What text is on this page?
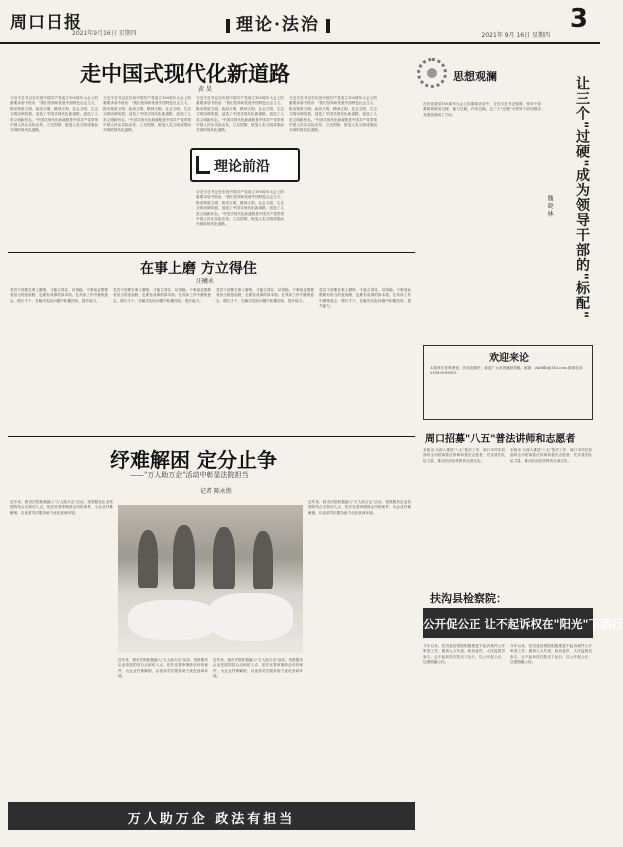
周口日报	理论·法治	3
2021年9月16日 星期四	2021年 9月 16日 星期四
走中国式现代化新道路
黄 昊
习近平总书记在庆祝中国共产党成立100周年大会上的重要讲话中指出："我们坚持和发展中国特色社会主义，推动物质文明、政治文明、精神文明、社会文明、生态文明协调发展，创造了中国式现代化新道路，创造了人类文明新形态。"中国式现代化新道路是中国共产党带领中国人民从实际出发、立足国情、借鉴人类文明成果而开辟的现代化道路。
习近平总书记在庆祝中国共产党成立100周年大会上的重要讲话中指出："我们坚持和发展中国特色社会主义，推动物质文明、政治文明、精神文明、社会文明、生态文明协调发展，创造了中国式现代化新道路，创造了人类文明新形态。"中国式现代化新道路是中国共产党带领中国人民从实际出发、立足国情、借鉴人类文明成果而开辟的现代化道路。
习近平总书记在庆祝中国共产党成立100周年大会上的重要讲话中指出："我们坚持和发展中国特色社会主义，推动物质文明、政治文明、精神文明、社会文明、生态文明协调发展，创造了中国式现代化新道路，创造了人类文明新形态。"中国式现代化新道路是中国共产党带领中国人民从实际出发、立足国情、借鉴人类文明成果而开辟的现代化道路。
习近平总书记在庆祝中国共产党成立100周年大会上的重要讲话中指出："我们坚持和发展中国特色社会主义，推动物质文明、政治文明、精神文明、社会文明、生态文明协调发展，创造了中国式现代化新道路，创造了人类文明新形态。"中国式现代化新道路是中国共产党带领中国人民从实际出发、立足国情、借鉴人类文明成果而开辟的现代化道路。
习近平总书记在庆祝中国共产党成立100周年大会上的重要讲话中指出："我们坚持和发展中国特色社会主义，推动物质文明、政治文明、精神文明、社会文明、生态文明协调发展，创造了中国式现代化新道路，创造了人类文明新形态。"中国式现代化新道路是中国共产党带领中国人民从实际出发、立足国情、借鉴人类文明成果而开辟的现代化道路。
理论前沿
在事上磨 方立得住
汪曦永
党员干部要在事上磨炼，才能立得住、站得稳。干事创业既要有担当的宽肩膀，也要有成事的真本领。在具体工作中磨炼意志、增长才干，在解决实际问题中积累经验、提升能力。
党员干部要在事上磨炼，才能立得住、站得稳。干事创业既要有担当的宽肩膀，也要有成事的真本领。在具体工作中磨炼意志、增长才干，在解决实际问题中积累经验、提升能力。
党员干部要在事上磨炼，才能立得住、站得稳。干事创业既要有担当的宽肩膀，也要有成事的真本领。在具体工作中磨炼意志、增长才干，在解决实际问题中积累经验、提升能力。
党员干部要在事上磨炼，才能立得住、站得稳。干事创业既要有担当的宽肩膀，也要有成事的真本领。在具体工作中磨炼意志、增长才干，在解决实际问题中积累经验、提升能力。
纾难解困 定分止争
——"万人助万企"活动中彰显法院担当
记者 陈永胜
近年来，我市法院积极融入"万人助万企"活动，找准服务企业发展的结合点和切入点，依法妥善审理涉企纠纷案件，为企业纾难解困，以优质司法服务助力优化营商环境。
近年来，我市法院积极融入"万人助万企"活动，找准服务企业发展的结合点和切入点，依法妥善审理涉企纠纷案件，为企业纾难解困，以优质司法服务助力优化营商环境。
近年来，我市法院积极融入"万人助万企"活动，找准服务企业发展的结合点和切入点，依法妥善审理涉企纠纷案件，为企业纾难解困，以优质司法服务助力优化营商环境。
近年来，我市法院积极融入"万人助万企"活动，找准服务企业发展的结合点和切入点，依法妥善审理涉企纠纷案件，为企业纾难解困，以优质司法服务助力优化营商环境。
万人助万企 政法有担当
思想观澜	让三个"过硬"成为领导干部的"标配"
魏 晓 林
在庆祝建党100周年大会上的重要讲话中，习近平总书记强调，领导干部要做到政治过硬、能力过硬、作风过硬。这三个"过硬"为领导干部加强自身建设指明了方向。
欢迎来论
本版常年征集理论、法治类稿件，欢迎广大读者踊跃投稿。邮箱：zkrbllb@163.com 联系电话：0394-8599615
周口招募"八五"普法讲师和志愿者
本报讯 为深入推进"八五"普法工作，周口市司法局面向全市招募普法讲师和普法志愿者，充实普法队伍力量，推动法治宣传教育走深走实。
本报讯 为深入推进"八五"普法工作，周口市司法局面向全市招募普法讲师和普法志愿者，充实普法队伍力量，推动法治宣传教育走深走实。
扶沟县检察院：
公开促公正 让不起诉权在"阳光"下运行
今年以来，扶沟县检察院积极推进不起诉案件公开审查工作，邀请人大代表、政协委员、人民监督员参与，让不起诉权在阳光下运行，以公开促公正，以透明赢公信。
今年以来，扶沟县检察院积极推进不起诉案件公开审查工作，邀请人大代表、政协委员、人民监督员参与，让不起诉权在阳光下运行，以公开促公正，以透明赢公信。
